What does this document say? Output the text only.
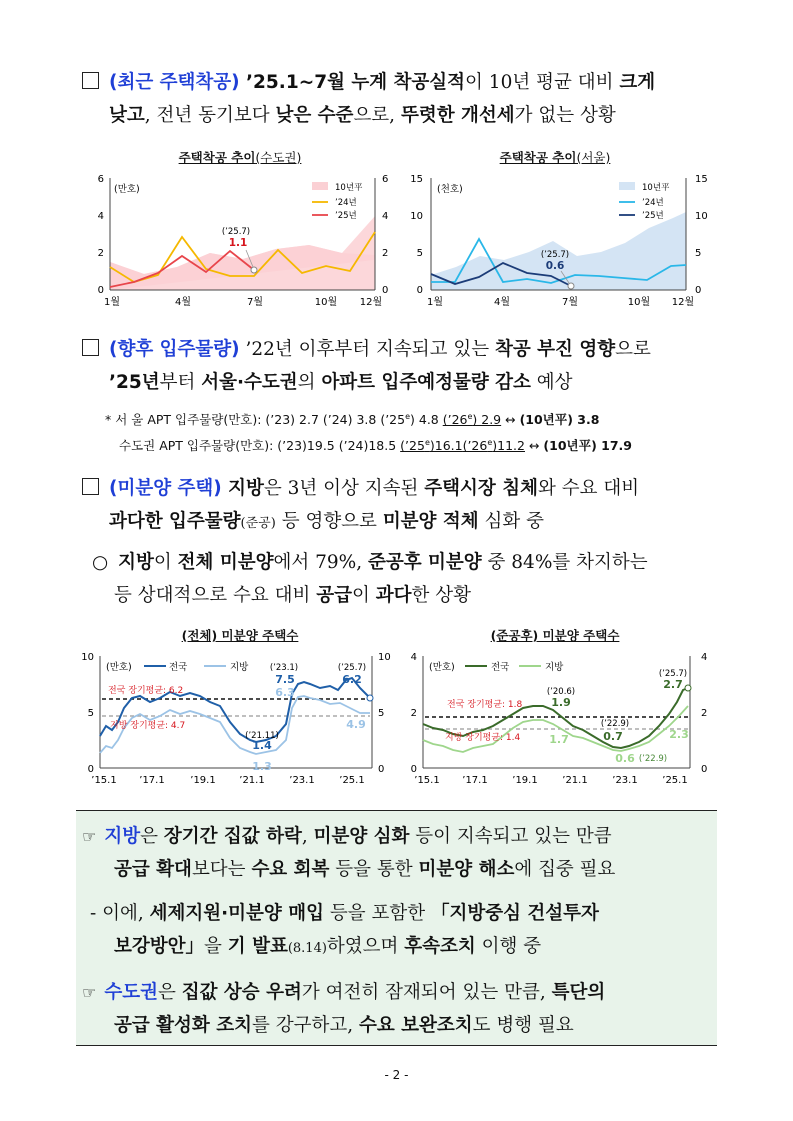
(최근 주택착공) ’25.1~7월 누계 착공실적이 10년 평균 대비 크게
낮고, 전년 동기보다 낮은 수준으로, 뚜렷한 개선세가 없는 상황
주택착공 추이(수도권)	주택착공 추이(서울)
6
4
2
0
6
4
2
0
1월	4월	7월	10월 12월
(만호)
(’25.7)
1.1
10년平
’24년
’25년
15
10
5
0
15
10
5
0
1월	4월	7월	10월 12월
(천호)
(’25.7)
0.6
10년平
’24년
’25년
(향후 입주물량) ’22년 이후부터 지속되고 있는 착공 부진 영향으로
’25년부터 서울·수도권의 아파트 입주예정물량 감소 예상
* 서 울 APT 입주물량(만호): (’23) 2.7 (’24) 3.8 (’25e) 4.8 (’26e) 2.9 ↔ (10년平) 3.8
수도권 APT 입주물량(만호): (’23)19.5 (’24)18.5 (’25e)16.1(’26e)11.2 ↔ (10년平) 17.9
(미분양 주택) 지방은 3년 이상 지속된 주택시장 침체와 수요 대비
과다한 입주물량(준공) 등 영향으로 미분양 적체 심화 중
○ 지방이 전체 미분양에서 79%, 준공후 미분양 중 84%를 차지하는
등 상대적으로 수요 대비 공급이 과다한 상황
(전체) 미분양 주택수	(준공후) 미분양 주택수
10
5
0
10
5
0
’15.1 ’17.1	’19.1 ’21.1 ’23.1 ’25.1
(만호)	전국	지방
전국 장기평균: 6.2
지방 장기평균: 4.7
(’23.1)
7.5
6.3
(’25.7)
6.2
4.9
(’21.11)
1.4
1.3
4
2
0
4
2
0
’15.1 ’17.1 ’19.1 ’21.1 ’23.1 ’25.1
(만호)	전국	지방
전국 장기평균: 1.8
지방 장기평균: 1.4
(’20.6)
1.9
1.7
(’22.9)
0.7
0.6 (’22.9)
(’25.7)
2.7
2.3
☞ 지방은 장기간 집값 하락, 미분양 심화 등이 지속되고 있는 만큼
공급 확대보다는 수요 회복 등을 통한 미분양 해소에 집중 필요
- 이에, 세제지원·미분양 매입 등을 포함한 「지방중심 건설투자
보강방안」을 기 발표(8.14)하였으며 후속조치 이행 중
☞ 수도권은 집값 상승 우려가 여전히 잠재되어 있는 만큼, 특단의
공급 활성화 조치를 강구하고, 수요 보완조치도 병행 필요
- 2 -
